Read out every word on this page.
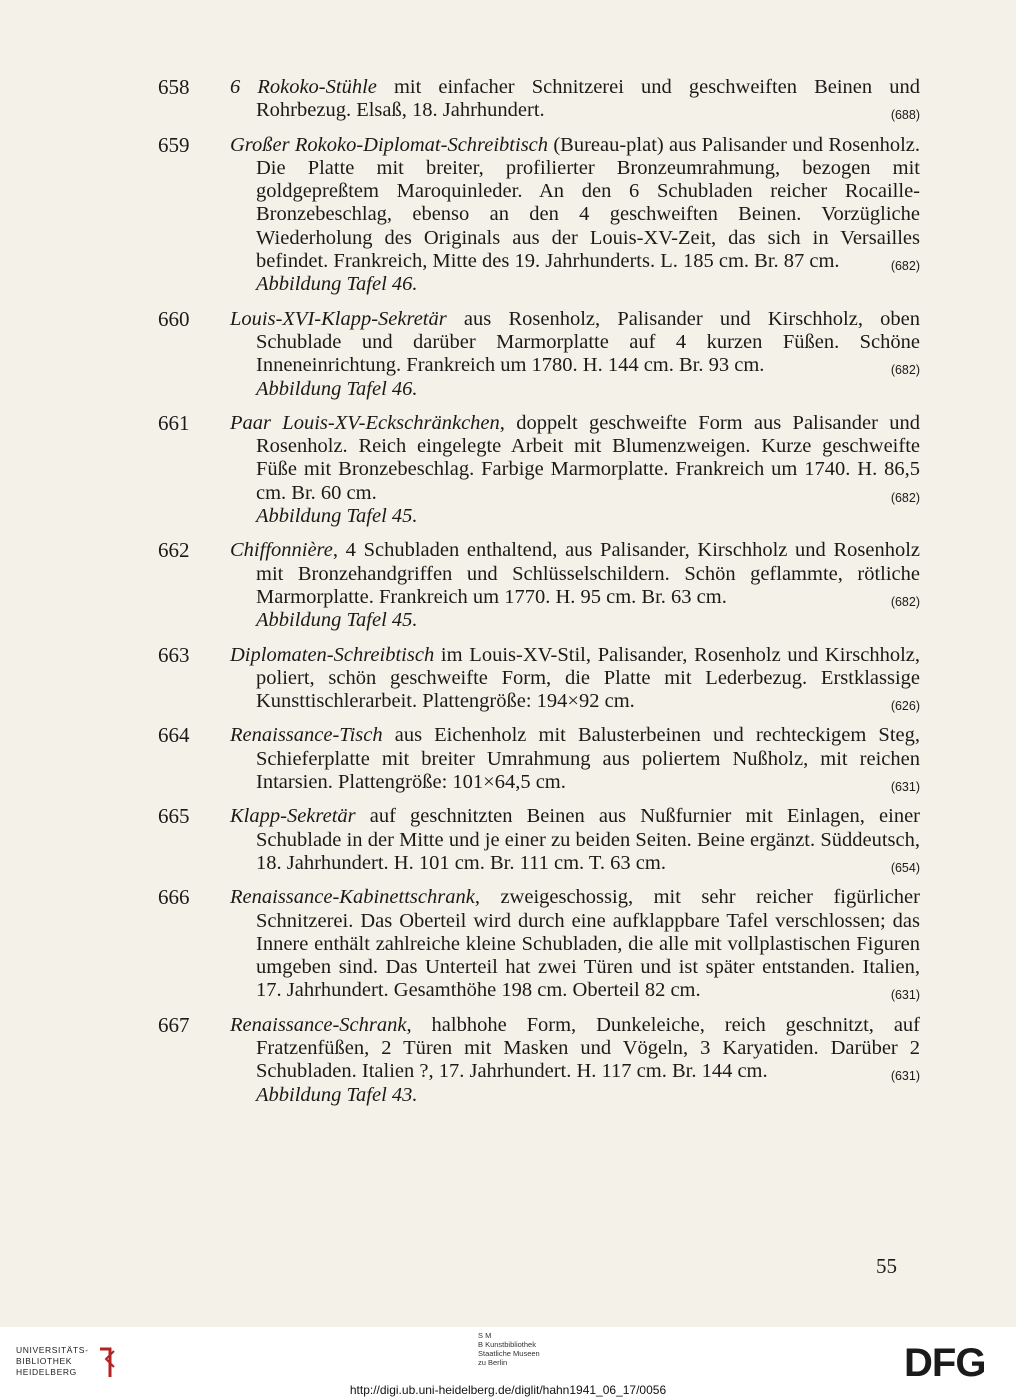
658 6 Rokoko-Stühle mit einfacher Schnitzerei und geschweiften Beinen und Rohrbezug. Elsaß, 18. Jahrhundert.	(688)
659 Großer Rokoko-Diplomat-Schreibtisch (Bureau-plat) aus Palisander und Rosenholz. Die Platte mit breiter, profilierter Bronzeumrahmung, bezogen mit goldgepreßtem Maroquinleder. An den 6 Schubladen reicher Rocaille-Bronzebeschlag, ebenso an den 4 geschweiften Beinen. Vorzügliche Wiederholung des Originals aus der Louis-XV-Zeit, das sich in Versailles befindet. Frankreich, Mitte des 19. Jahrhunderts. L. 185 cm. Br. 87 cm.	(682)
Abbildung Tafel 46.
660 Louis-XVI-Klapp-Sekretär aus Rosenholz, Palisander und Kirschholz, oben Schublade und darüber Marmorplatte auf 4 kurzen Füßen. Schöne Inneneinrichtung. Frankreich um 1780. H. 144 cm. Br. 93 cm.	(682)
Abbildung Tafel 46.
661 Paar Louis-XV-Eckschränkchen, doppelt geschweifte Form aus Palisander und Rosenholz. Reich eingelegte Arbeit mit Blumenzweigen. Kurze geschweifte Füße mit Bronzebeschlag. Farbige Marmorplatte. Frankreich um 1740. H. 86,5 cm. Br. 60 cm.	(682)
Abbildung Tafel 45.
662 Chiffonnière, 4 Schubladen enthaltend, aus Palisander, Kirschholz und Rosenholz mit Bronzehandgriffen und Schlüsselschildern. Schön geflammte, rötliche Marmorplatte. Frankreich um 1770. H. 95 cm. Br. 63 cm.	(682)
Abbildung Tafel 45.
663 Diplomaten-Schreibtisch im Louis-XV-Stil, Palisander, Rosenholz und Kirschholz, poliert, schön geschweifte Form, die Platte mit Lederbezug. Erstklassige Kunsttischlerarbeit. Plattengröße: 194×92 cm.	(626)
664 Renaissance-Tisch aus Eichenholz mit Balusterbeinen und rechteckigem Steg, Schieferplatte mit breiter Umrahmung aus poliertem Nußholz, mit reichen Intarsien. Plattengröße: 101×64,5 cm.	(631)
665 Klapp-Sekretär auf geschnitzten Beinen aus Nußfurnier mit Einlagen, einer Schublade in der Mitte und je einer zu beiden Seiten. Beine ergänzt. Süddeutsch, 18. Jahrhundert. H. 101 cm. Br. 111 cm. T. 63 cm.	(654)
666 Renaissance-Kabinettschrank, zweigeschossig, mit sehr reicher figürlicher Schnitzerei. Das Oberteil wird durch eine aufklappbare Tafel verschlossen; das Innere enthält zahlreiche kleine Schubladen, die alle mit vollplastischen Figuren umgeben sind. Das Unterteil hat zwei Türen und ist später entstanden. Italien, 17. Jahrhundert. Gesamthöhe 198 cm. Oberteil 82 cm.	(631)
667 Renaissance-Schrank, halbhohe Form, Dunkeleiche, reich geschnitzt, auf Fratzenfüßen, 2 Türen mit Masken und Vögeln, 3 Karyatiden. Darüber 2 Schubladen. Italien ?, 17. Jahrhundert. H. 117 cm. Br. 144 cm.	(631)
Abbildung Tafel 43.
55
UNIVERSITÄTS- BIBLIOTHEK HEIDELBERG
S M
B Kunstbibliothek
Staatliche Museen
zu Berlin	DFG
http://digi.ub.uni-heidelberg.de/diglit/hahn1941_06_17/0056
